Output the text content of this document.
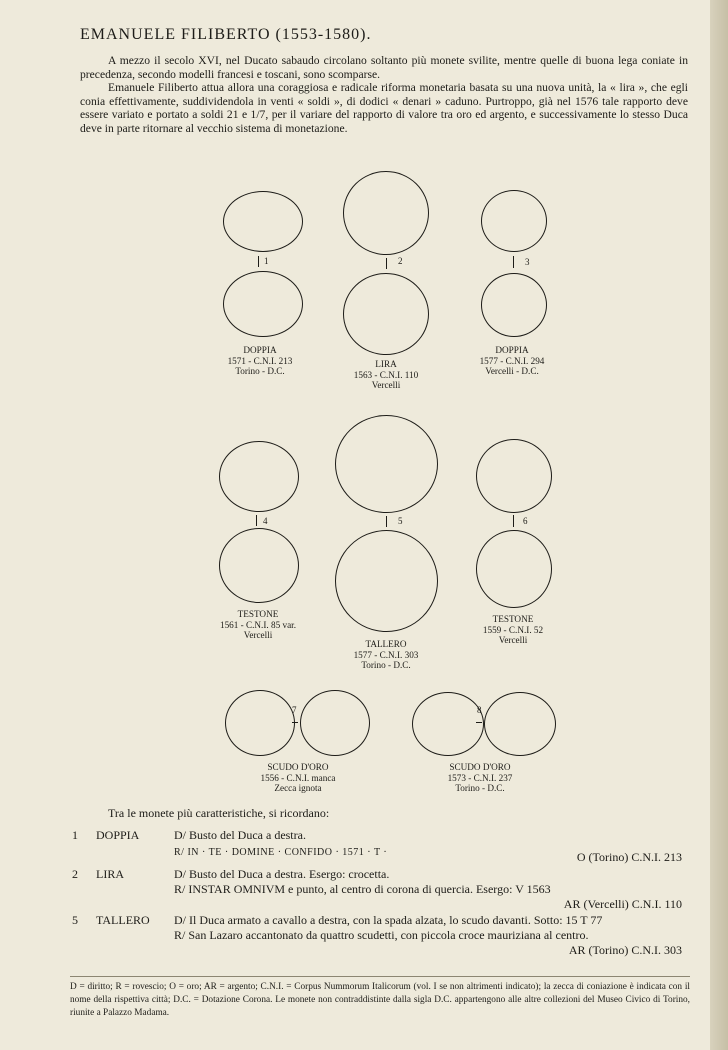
EMANUELE FILIBERTO (1553-1580).

A mezzo il secolo XVI, nel Ducato sabaudo circolano soltanto più monete svilite, mentre quelle di buona lega coniate in precedenza, secondo modelli francesi e toscani, sono scomparse.

Emanuele Filiberto attua allora una coraggiosa e radicale riforma monetaria basata su una nuova unità, la « lira », che egli conia effettivamente, suddividendola in venti « soldi », di dodici « denari » caduno. Purtroppo, già nel 1576 tale rapporto deve essere variato e portato a soldi 21 e 1/7, per il variare del rapporto di valore tra oro ed argento, e successivamente lo stesso Duca deve in parte ritornare al vecchio sistema di monetazione.

1
DOPPIA
1571 - C.N.I. 213
Torino - D.C.
2
LIRA
1563 - C.N.I. 110
Vercelli
3
DOPPIA
1577 - C.N.I. 294
Vercelli - D.C.
4
TESTONE
1561 - C.N.I. 85 var.
Vercelli
5
TALLERO
1577 - C.N.I. 303
Torino - D.C.
6
TESTONE
1559 - C.N.I. 52
Vercelli
7
SCUDO D'ORO
1556 - C.N.I. manca
Zecca ignota
8
SCUDO D'ORO
1573 - C.N.I. 237
Torino - D.C.

Tra le monete più caratteristiche, si ricordano:

1 DOPPIA	D/ Busto del Duca a destra.
R/ IN · TE · DOMINE · CONFIDO · 1571 · T ·	O (Torino) C.N.I. 213
2 LIRA	D/ Busto del Duca a destra. Esergo: crocetta.
R/ INSTAR OMNIVM e punto, al centro di corona di quercia. Esergo: V 1563
AR (Vercelli) C.N.I. 110
5 TALLERO D/ Il Duca armato a cavallo a destra, con la spada alzata, lo scudo davanti. Sotto: 15 T 77
R/ San Lazaro accantonato da quattro scudetti, con piccola croce mauriziana al centro.
AR (Torino) C.N.I. 303

D = diritto; R = rovescio; O = oro; AR = argento; C.N.I. = Corpus Nummorum Italicorum (vol. I se non altrimenti indicato); la zecca di coniazione è indicata con il nome della rispettiva città; D.C. = Dotazione Corona. Le monete non contraddistinte dalla sigla D.C. appartengono alle altre collezioni del Museo Civico di Torino, riunite a Palazzo Madama.
